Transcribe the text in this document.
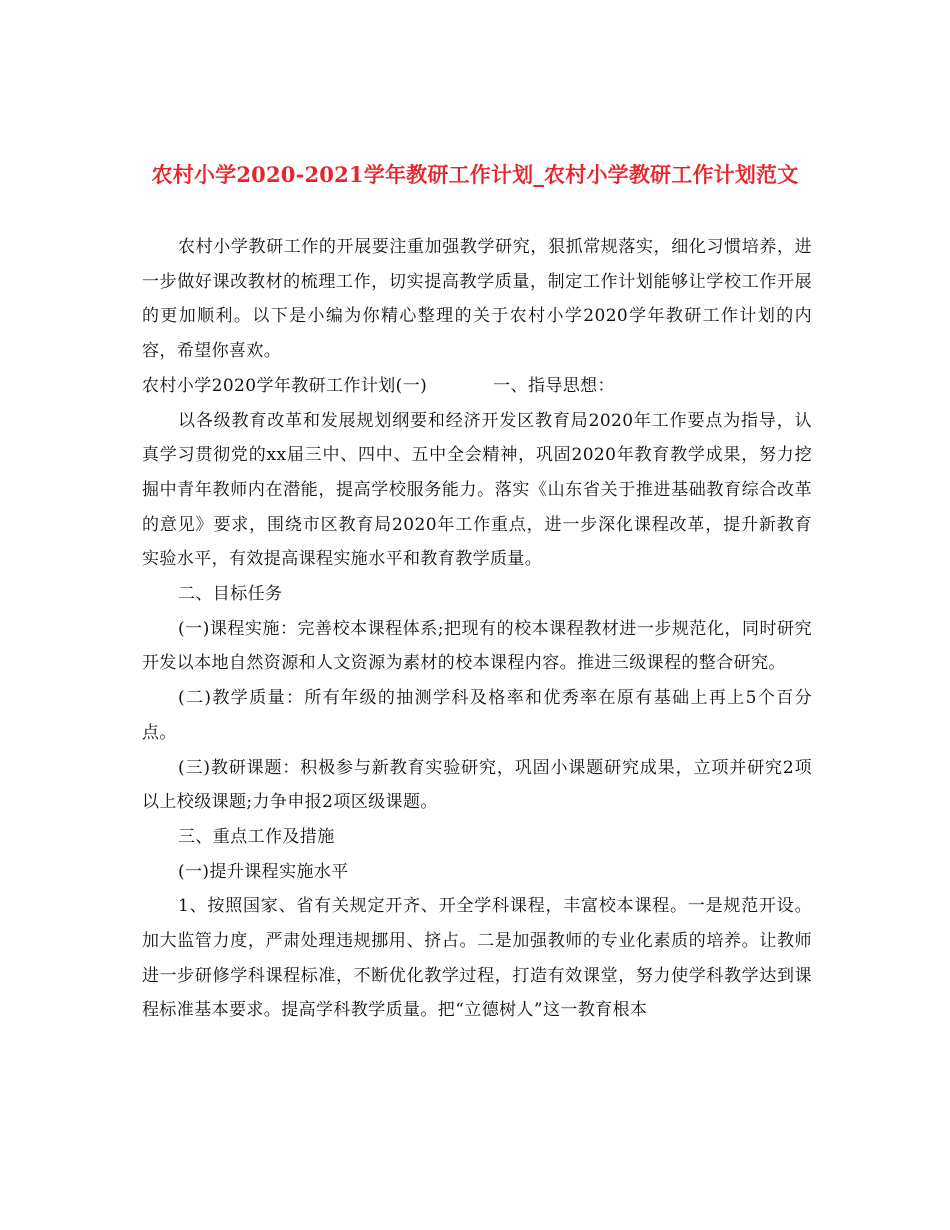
农村小学2020-2021学年教研工作计划_农村小学教研工作计划范文

农村小学教研工作的开展要注重加强教学研究，狠抓常规落实，细化习惯培养，进一步做好课改教材的梳理工作，切实提高教学质量，制定工作计划能够让学校工作开展的更加顺利。以下是小编为你精心整理的关于农村小学2020学年教研工作计划的内容，希望你喜欢。

农村小学2020学年教研工作计划(一)	一、指导思想：

以各级教育改革和发展规划纲要和经济开发区教育局2020年工作要点为指导，认真学习贯彻党的xx届三中、四中、五中全会精神，巩固2020年教育教学成果，努力挖掘中青年教师内在潜能，提高学校服务能力。落实《山东省关于推进基础教育综合改革的意见》要求，围绕市区教育局2020年工作重点，进一步深化课程改革，提升新教育实验水平，有效提高课程实施水平和教育教学质量。

二、目标任务

(一)课程实施：完善校本课程体系;把现有的校本课程教材进一步规范化，同时研究开发以本地自然资源和人文资源为素材的校本课程内容。推进三级课程的整合研究。

(二)教学质量：所有年级的抽测学科及格率和优秀率在原有基础上再上5个百分点。

(三)教研课题：积极参与新教育实验研究，巩固小课题研究成果，立项并研究2项以上校级课题;力争申报2项区级课题。

三、重点工作及措施

(一)提升课程实施水平

1、按照国家、省有关规定开齐、开全学科课程，丰富校本课程。一是规范开设。加大监管力度，严肃处理违规挪用、挤占。二是加强教师的专业化素质的培养。让教师进一步研修学科课程标准，不断优化教学过程，打造有效课堂，努力使学科教学达到课程标准基本要求。提高学科教学质量。把“立德树人”这一教育根本
